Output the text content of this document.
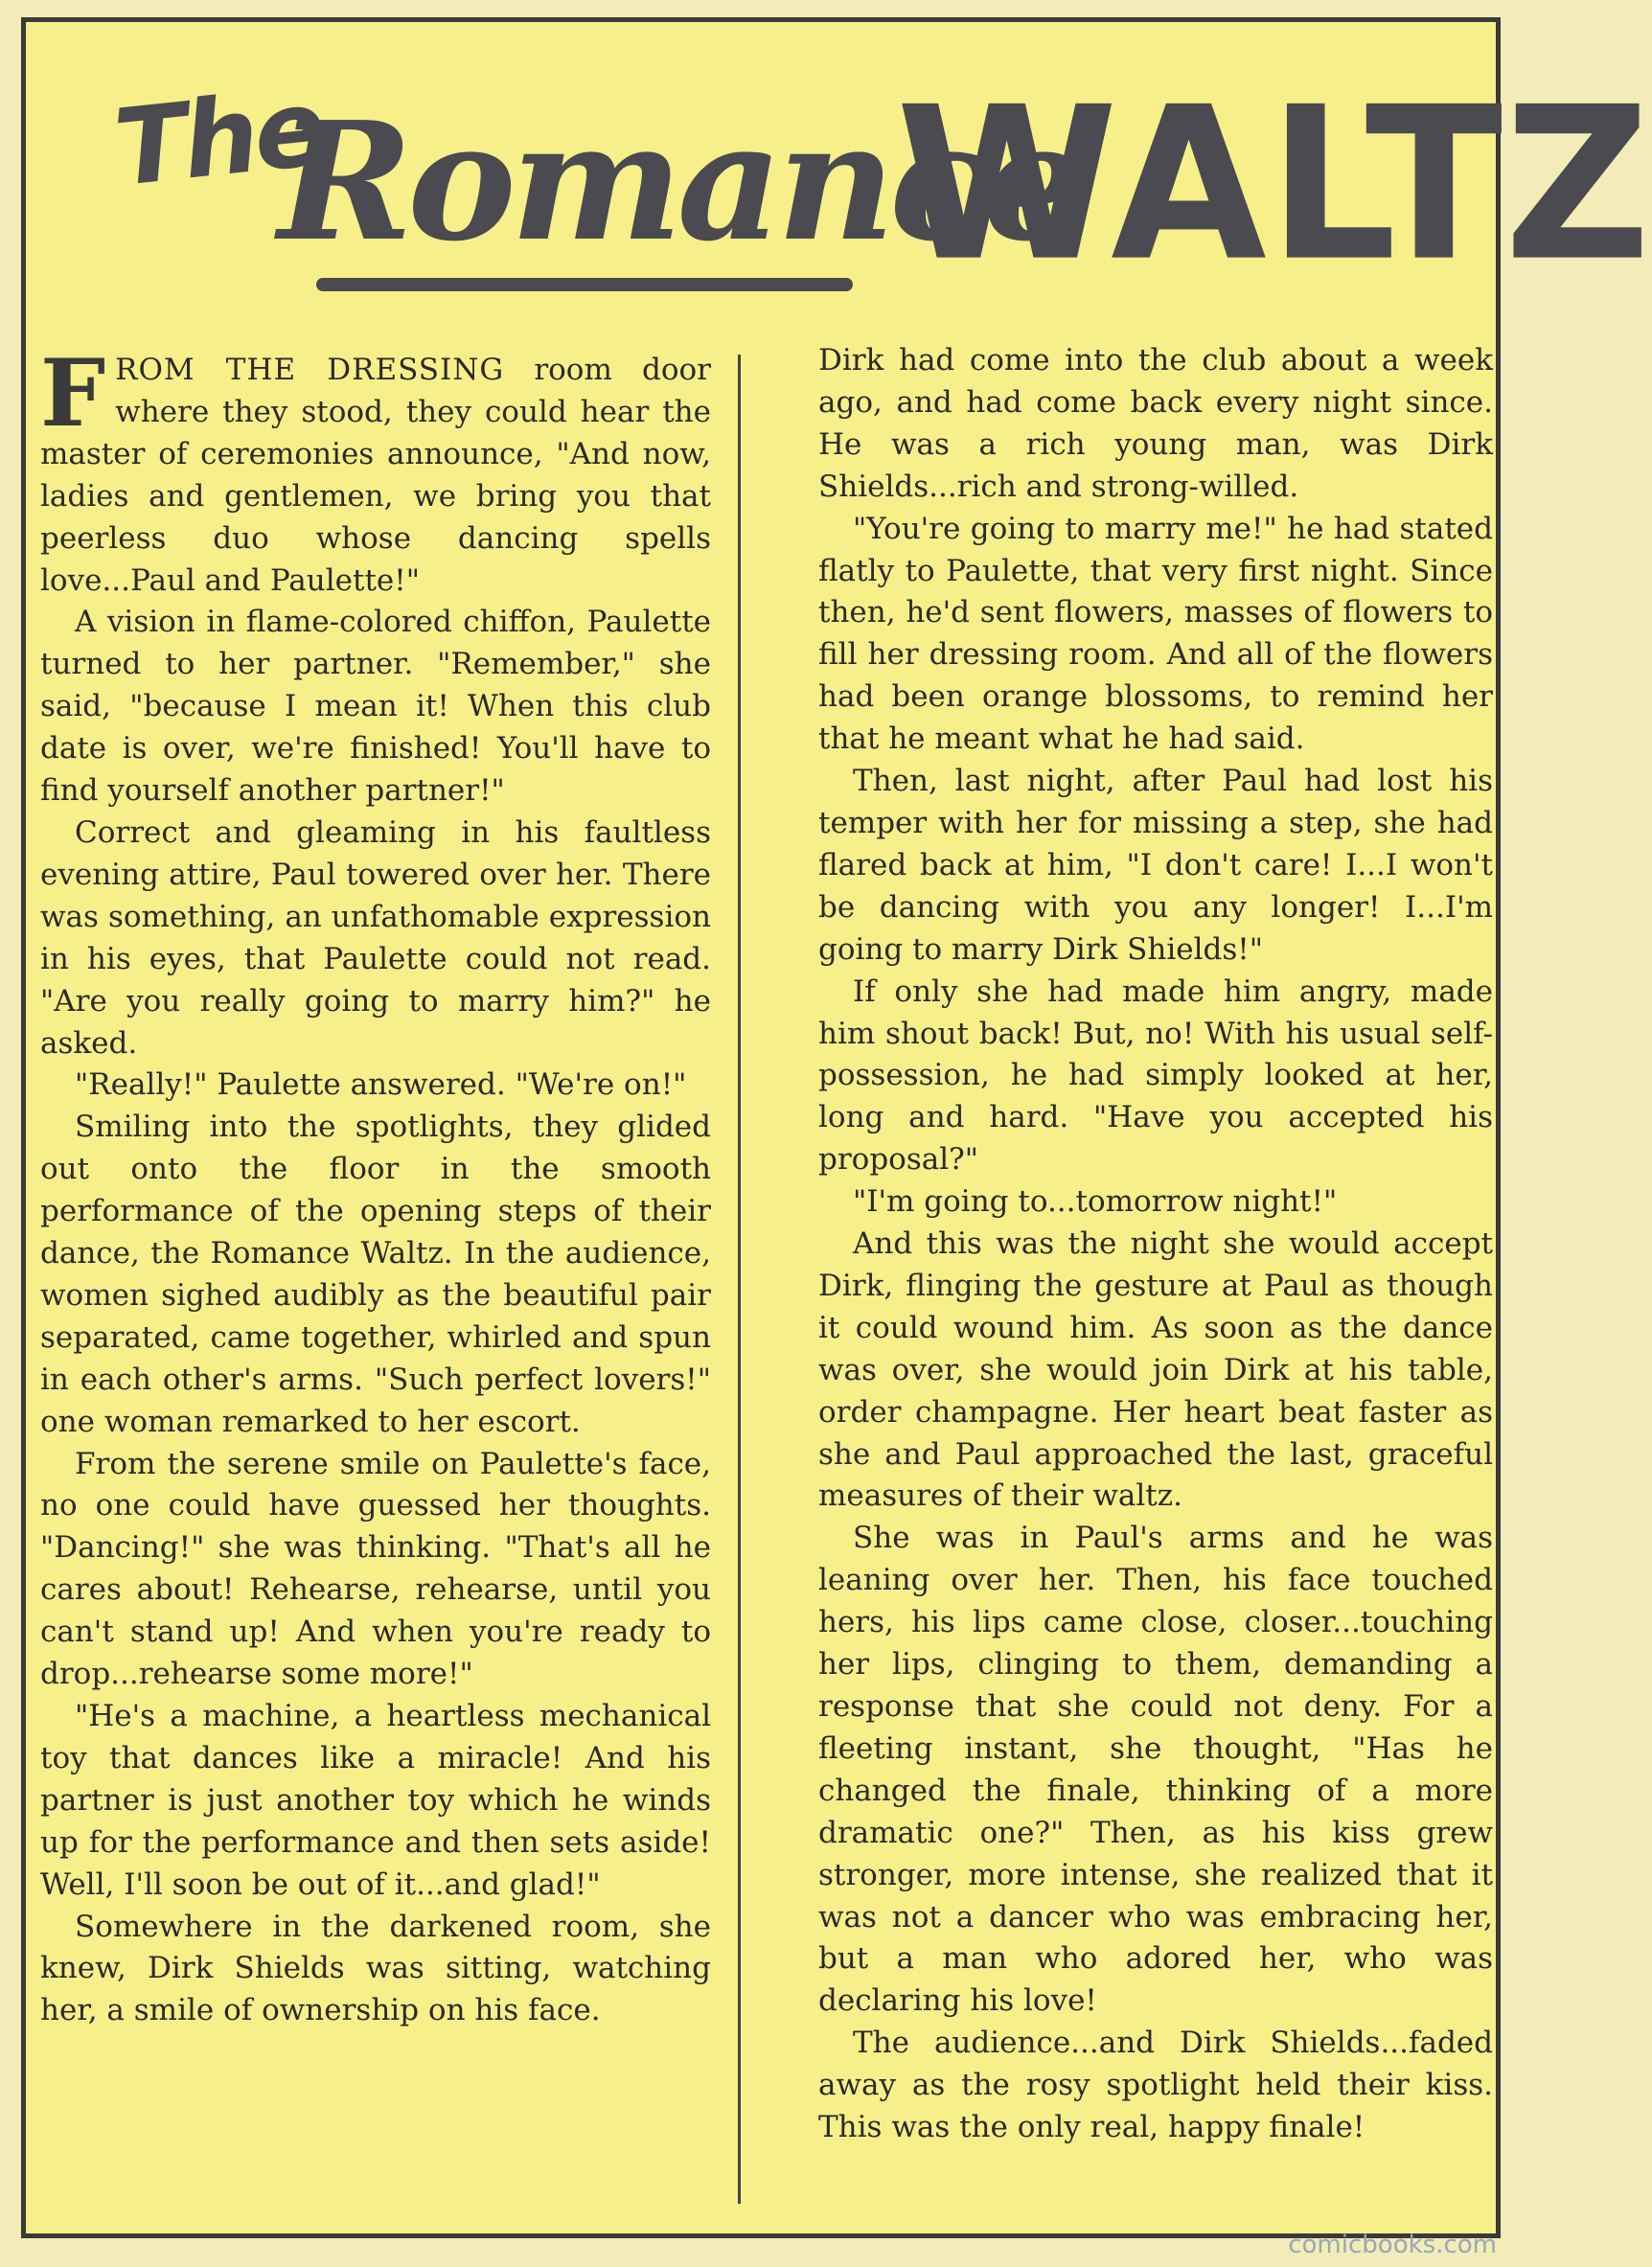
The
Romance
WALTZ

FROM THE DRESSING room door where they stood, they could hear the master of ceremonies announce, "And now, ladies and gentlemen, we bring you that peerless duo whose dancing spells love...Paul and Paulette!"

A vision in flame-colored chiffon, Paulette turned to her partner. "Remember," she said, "because I mean it! When this club date is over, we're finished! You'll have to find yourself another partner!"

Correct and gleaming in his faultless evening attire, Paul towered over her. There was something, an unfathomable expression in his eyes, that Paulette could not read. "Are you really going to marry him?" he asked.

"Really!" Paulette answered. "We're on!"

Smiling into the spotlights, they glided out onto the floor in the smooth performance of the opening steps of their dance, the Romance Waltz. In the audience, women sighed audibly as the beautiful pair separated, came together, whirled and spun in each other's arms. "Such perfect lovers!" one woman remarked to her escort.

From the serene smile on Paulette's face, no one could have guessed her thoughts. "Dancing!" she was thinking. "That's all he cares about! Rehearse, rehearse, until you can't stand up! And when you're ready to drop...rehearse some more!"

"He's a machine, a heartless mechanical toy that dances like a miracle! And his partner is just another toy which he winds up for the performance and then sets aside! Well, I'll soon be out of it...and glad!"

Somewhere in the darkened room, she knew, Dirk Shields was sitting, watching her, a smile of ownership on his face.

Dirk had come into the club about a week ago, and had come back every night since. He was a rich young man, was Dirk Shields...rich and strong-willed.

"You're going to marry me!" he had stated flatly to Paulette, that very first night. Since then, he'd sent flowers, masses of flowers to fill her dressing room. And all of the flowers had been orange blossoms, to remind her that he meant what he had said.

Then, last night, after Paul had lost his temper with her for missing a step, she had flared back at him, "I don't care! I...I won't be dancing with you any longer! I...I'm going to marry Dirk Shields!"

If only she had made him angry, made him shout back! But, no! With his usual self-possession, he had simply looked at her, long and hard. "Have you accepted his proposal?"

"I'm going to...tomorrow night!"

And this was the night she would accept Dirk, flinging the gesture at Paul as though it could wound him. As soon as the dance was over, she would join Dirk at his table, order champagne. Her heart beat faster as she and Paul approached the last, graceful measures of their waltz.

She was in Paul's arms and he was leaning over her. Then, his face touched hers, his lips came close, closer...touching her lips, clinging to them, demanding a response that she could not deny. For a fleeting instant, she thought, "Has he changed the finale, thinking of a more dramatic one?" Then, as his kiss grew stronger, more intense, she realized that it was not a dancer who was embracing her, but a man who adored her, who was declaring his love!

The audience...and Dirk Shields...faded away as the rosy spotlight held their kiss. This was the only real, happy finale!

comicbooks.com
